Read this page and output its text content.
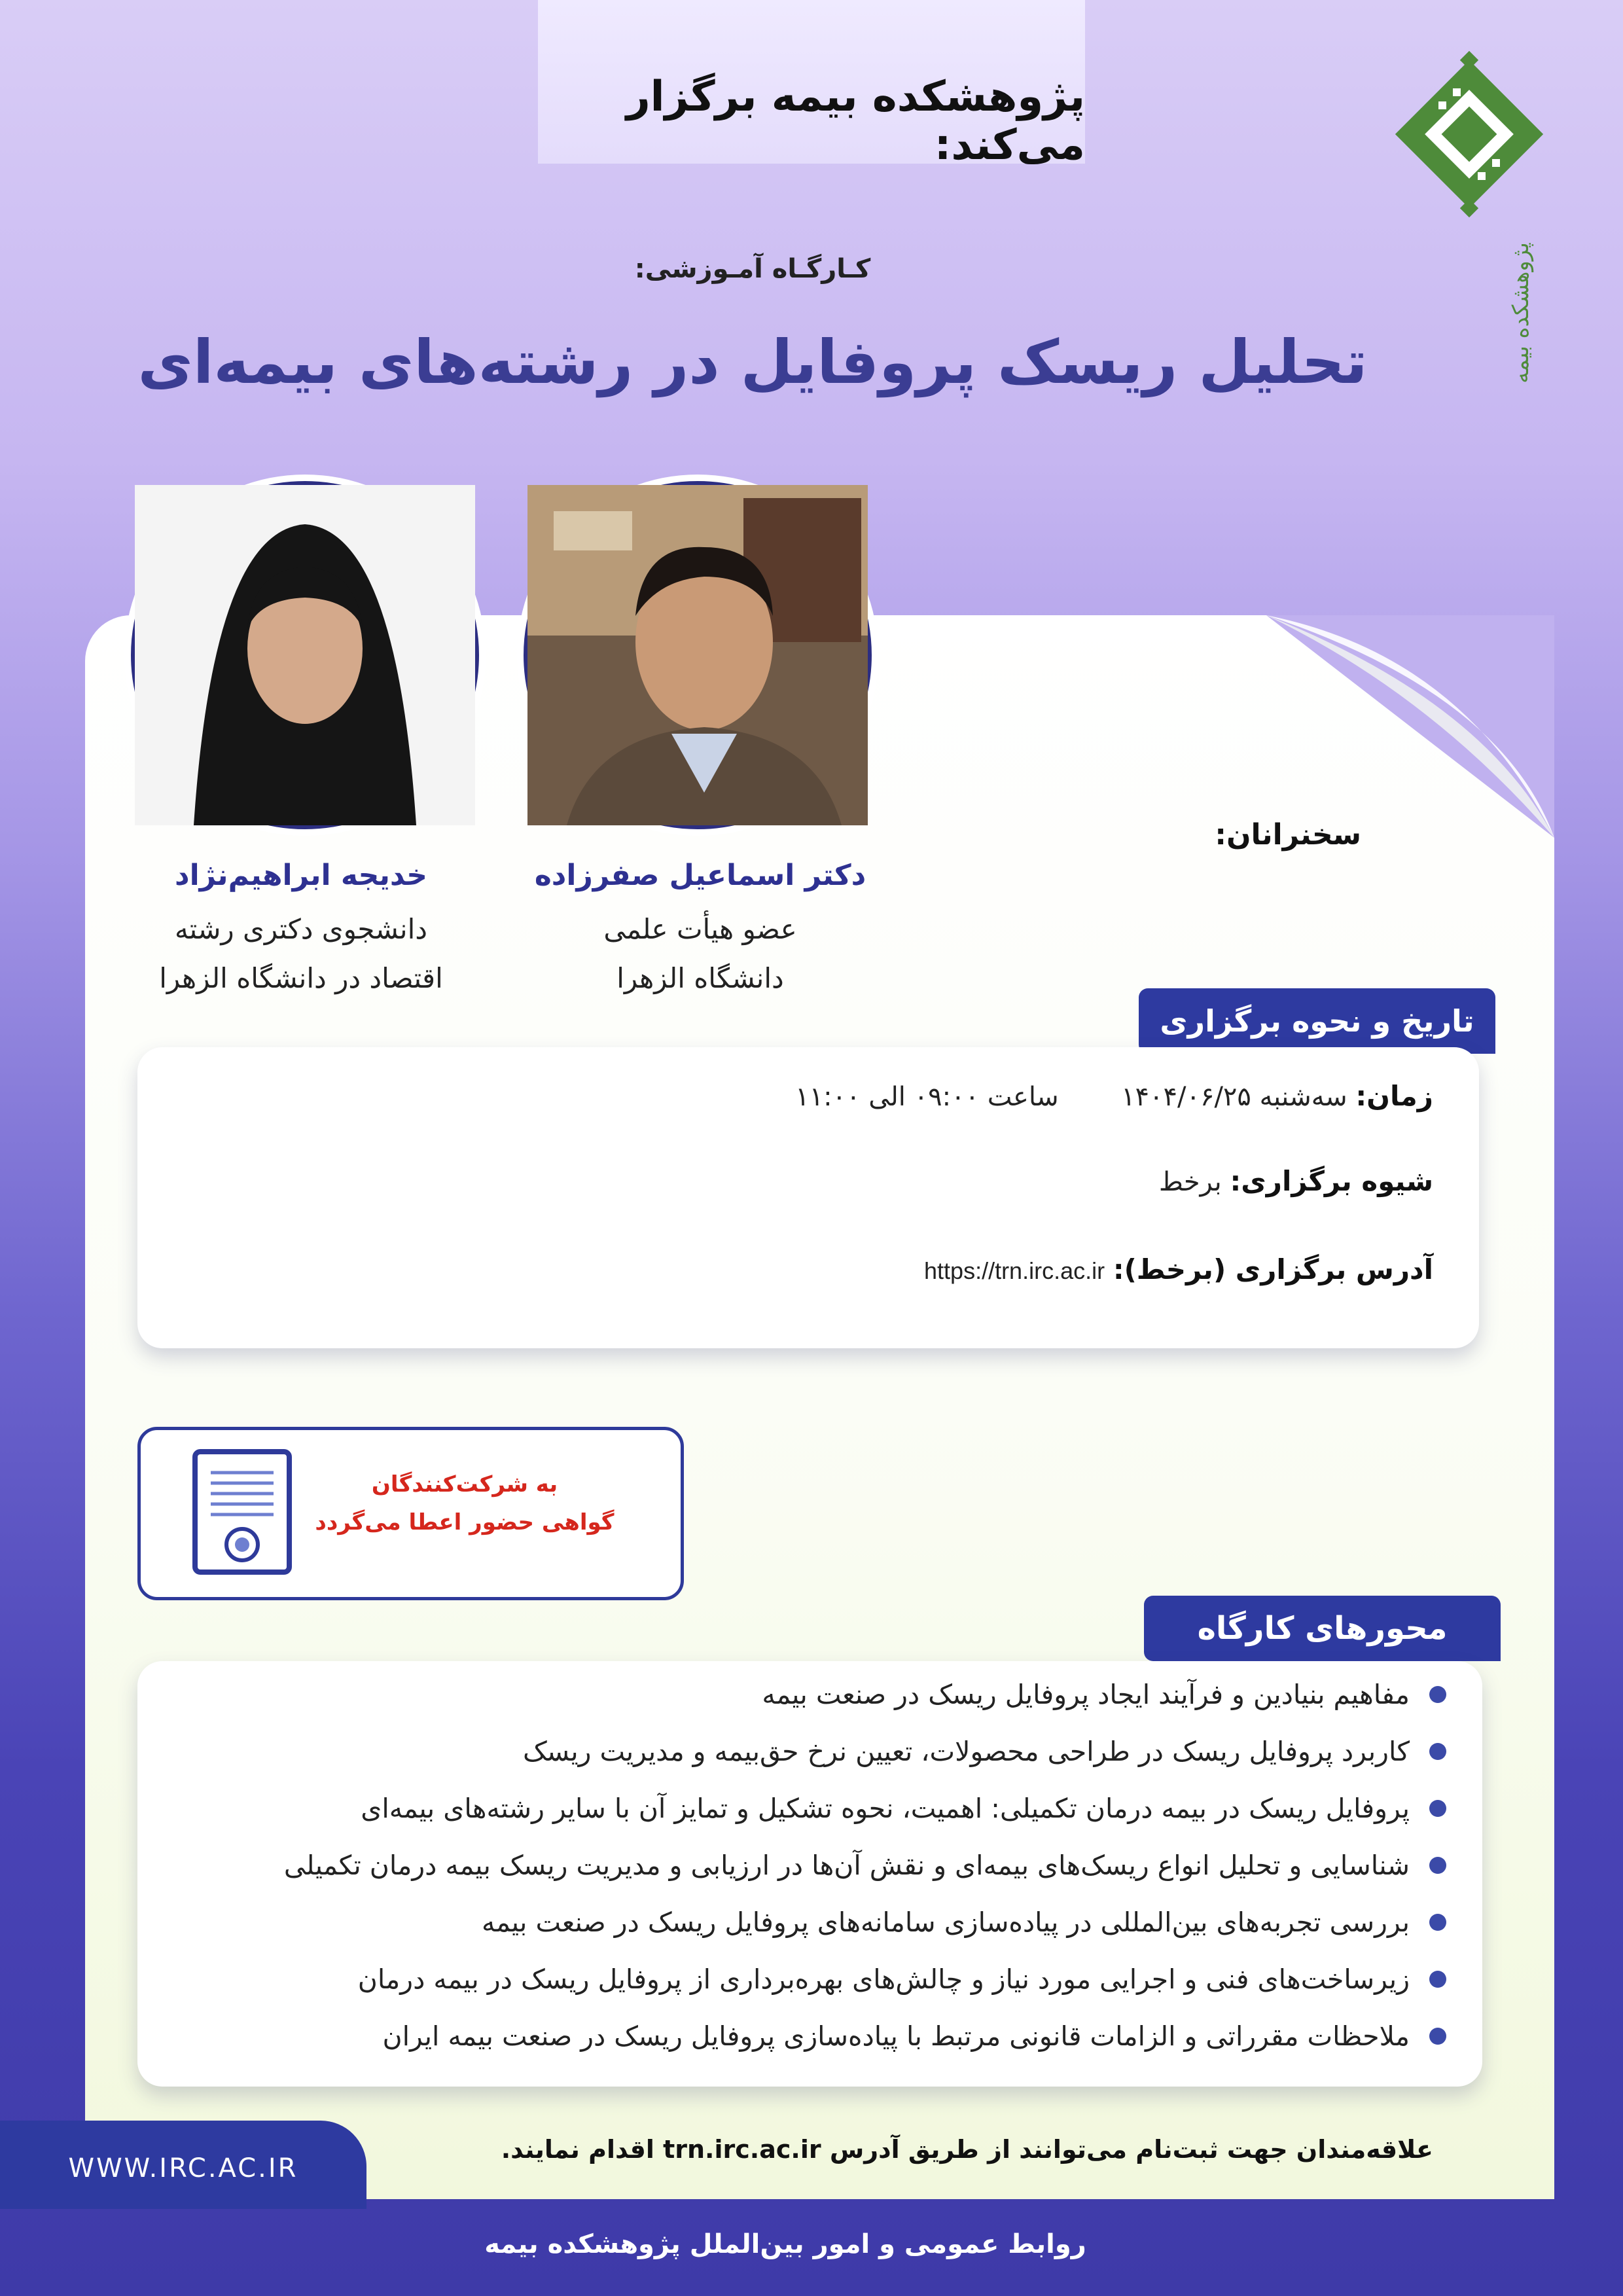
پژوهشکده بیمه برگزار می‌کند:
پژوهشکده بیمه
کـارگـاه آمـوزشی:
تحلیل ریسک پروفایل در رشته‌های بیمه‌ای
سخنرانان:
دکتر اسماعیل صفرزاده
عضو هیأت علمی
دانشگاه الزهرا
خدیجه ابراهیم‌نژاد
دانشجوی دکتری رشته
اقتصاد در دانشگاه الزهرا
تاریخ و نحوه برگزاری
زمان: سه‌شنبه ۱۴۰۴/۰۶/۲۵  ساعت ۰۹:۰۰ الی ۱۱:۰۰
شیوه برگزاری: برخط
آدرس برگزاری (برخط): https://trn.irc.ac.ir
به شرکت‌کنندگان
گواهی حضور اعطا می‌گردد
محورهای کارگاه
مفاهیم بنیادین و فرآیند ایجاد پروفایل ریسک در صنعت بیمه
کاربرد پروفایل ریسک در طراحی محصولات، تعیین نرخ حق‌بیمه و مدیریت ریسک
پروفایل ریسک در بیمه درمان تکمیلی: اهمیت، نحوه تشکیل و تمایز آن با سایر رشته‌های بیمه‌ای
شناسایی و تحلیل انواع ریسک‌های بیمه‌ای و نقش آن‌ها در ارزیابی و مدیریت ریسک بیمه درمان تکمیلی
بررسی تجربه‌های بین‌المللی در پیاده‌سازی سامانه‌های پروفایل ریسک در صنعت بیمه
زیرساخت‌های فنی و اجرایی مورد نیاز و چالش‌های بهره‌برداری از پروفایل ریسک در بیمه درمان
ملاحظات مقرراتی و الزامات قانونی مرتبط با پیاده‌سازی پروفایل ریسک در صنعت بیمه ایران
علاقه‌مندان جهت ثبت‌نام می‌توانند از طریق آدرس trn.irc.ac.ir اقدام نمایند.
WWW.IRC.AC.IR
روابط عمومی و امور بین‌الملل پژوهشکده بیمه
